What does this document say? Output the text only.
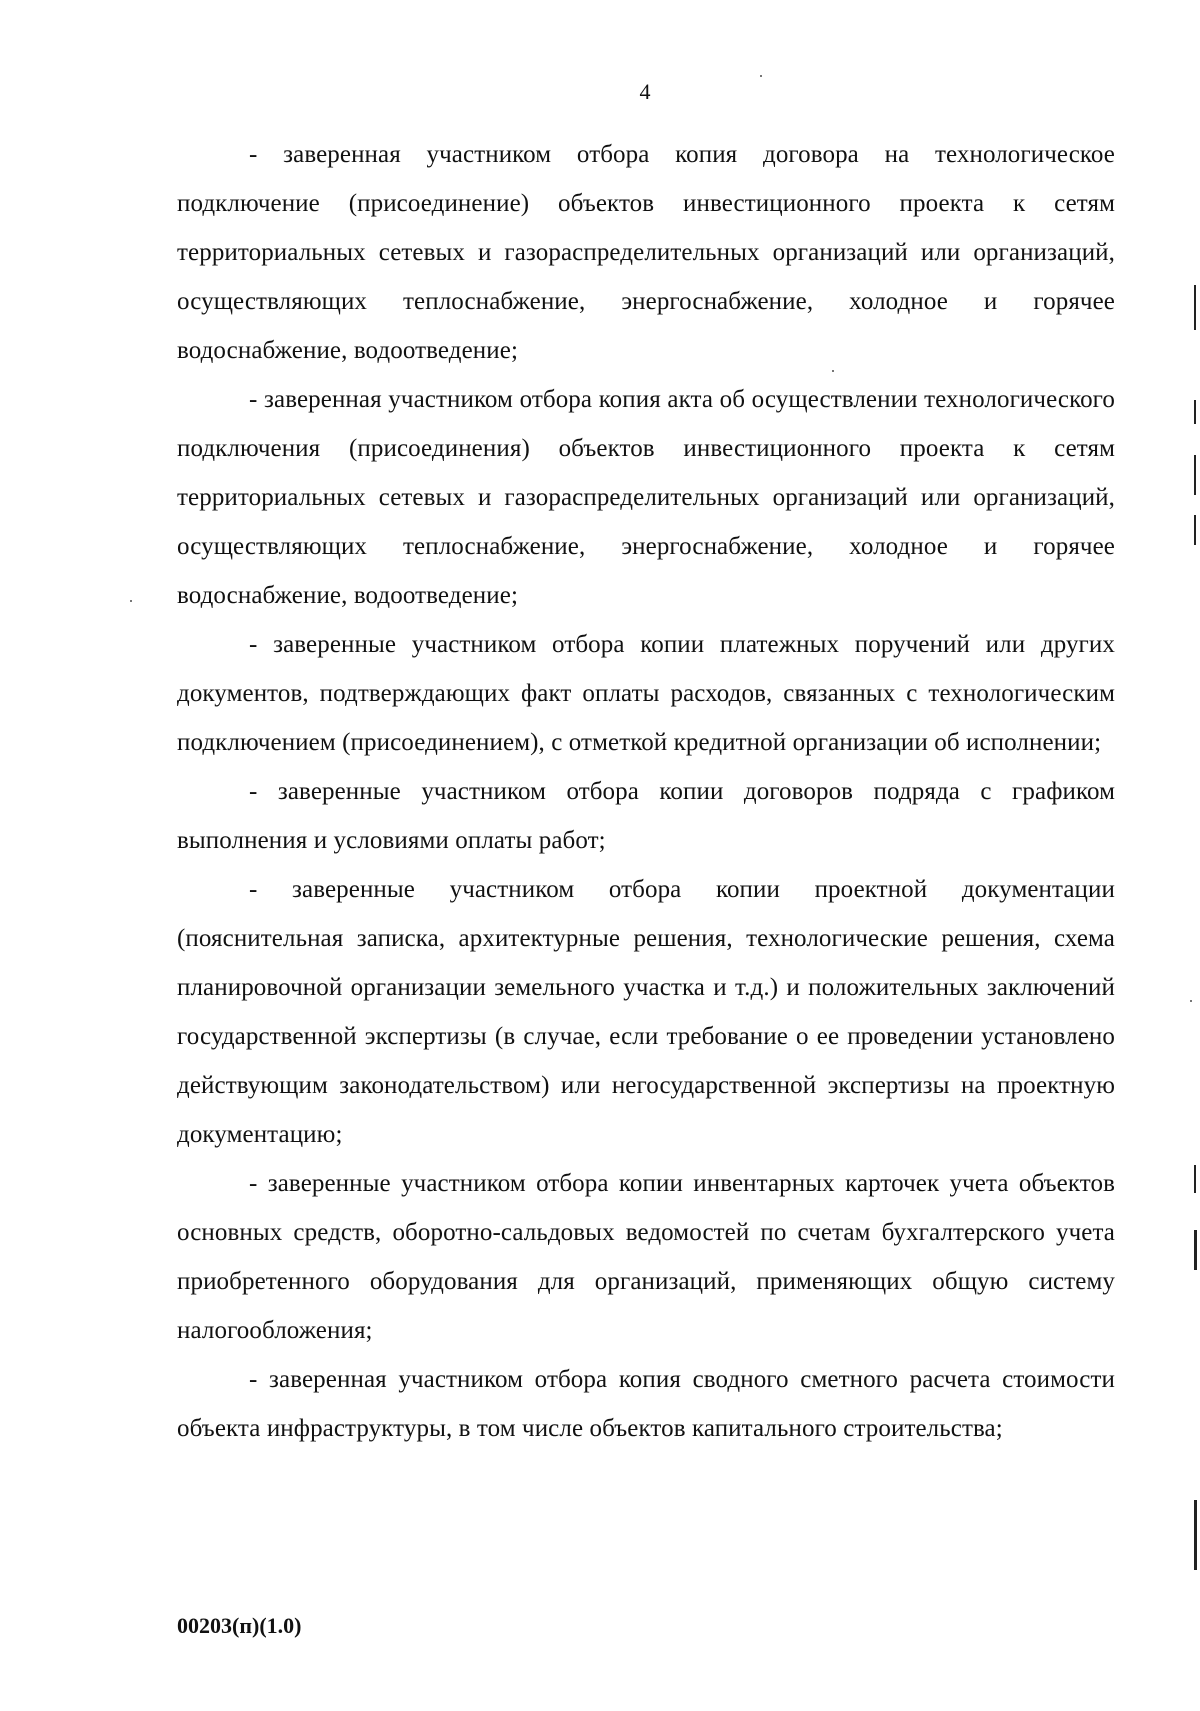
4

- заверенная участником отбора копия договора на технологическое подключение (присоединение) объектов инвестиционного проекта к сетям территориальных сетевых и газораспределительных организаций или организаций, осуществляющих теплоснабжение, энергоснабжение, холодное и горячее водоснабжение, водоотведение;

- заверенная участником отбора копия акта об осуществлении технологического подключения (присоединения) объектов инвестиционного проекта к сетям территориальных сетевых и газораспределительных организаций или организаций, осуществляющих теплоснабжение, энергоснабжение, холодное и горячее водоснабжение, водоотведение;

- заверенные участником отбора копии платежных поручений или других документов, подтверждающих факт оплаты расходов, связанных с технологическим подключением (присоединением), с отметкой кредитной организации об исполнении;

- заверенные участником отбора копии договоров подряда с графиком выполнения и условиями оплаты работ;

- заверенные участником отбора копии проектной документации (пояснительная записка, архитектурные решения, технологические решения, схема планировочной организации земельного участка и т.д.) и положительных заключений государственной экспертизы (в случае, если требование о ее проведении установлено действующим законодательством) или негосударственной экспертизы на проектную документацию;

- заверенные участником отбора копии инвентарных карточек учета объектов основных средств, оборотно-сальдовых ведомостей по счетам бухгалтерского учета приобретенного оборудования для организаций, применяющих общую систему налогообложения;

- заверенная участником отбора копия сводного сметного расчета стоимости объекта инфраструктуры, в том числе объектов капитального строительства;

00203(п)(1.0)
